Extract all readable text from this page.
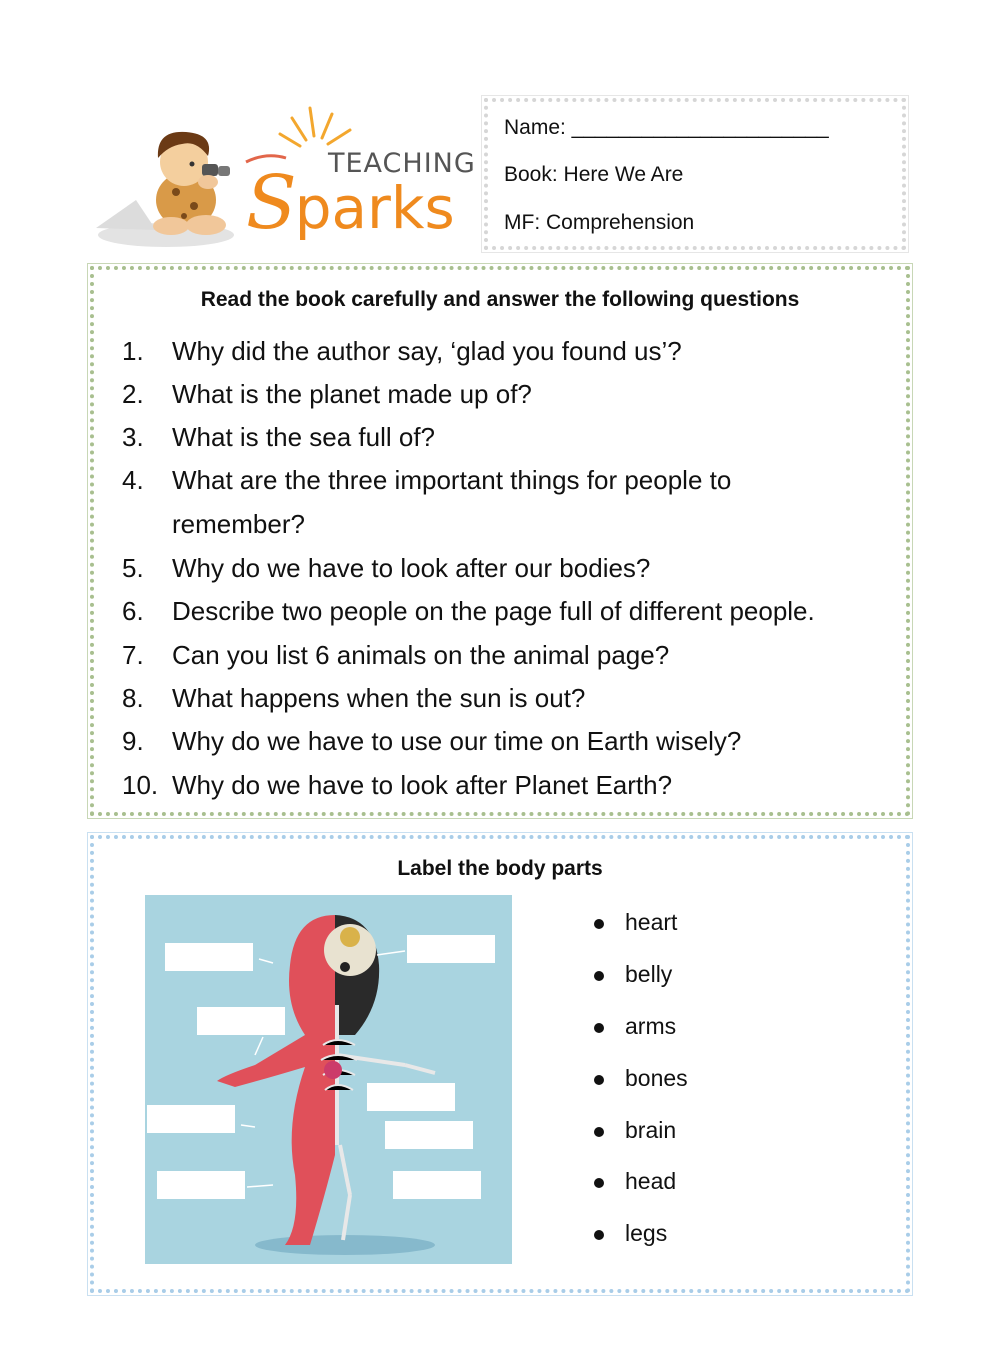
TEACHING
Sparks
Name: ______________________
Book: Here We Are
MF: Comprehension
Read the book carefully and answer the following questions
1. Why did the author say, ‘glad you found us’?
2. What is the planet made up of?
3. What is the sea full of?
4. What are the three important things for people to
remember?
5. Why do we have to look after our bodies?
6. Describe two people on the page full of different people.
7. Can you list 6 animals on the animal page?
8. What happens when the sun is out?
9. Why do we have to use our time on Earth wisely?
10. Why do we have to look after Planet Earth?
Label the body parts
heart
belly
arms
bones
brain
head
legs
